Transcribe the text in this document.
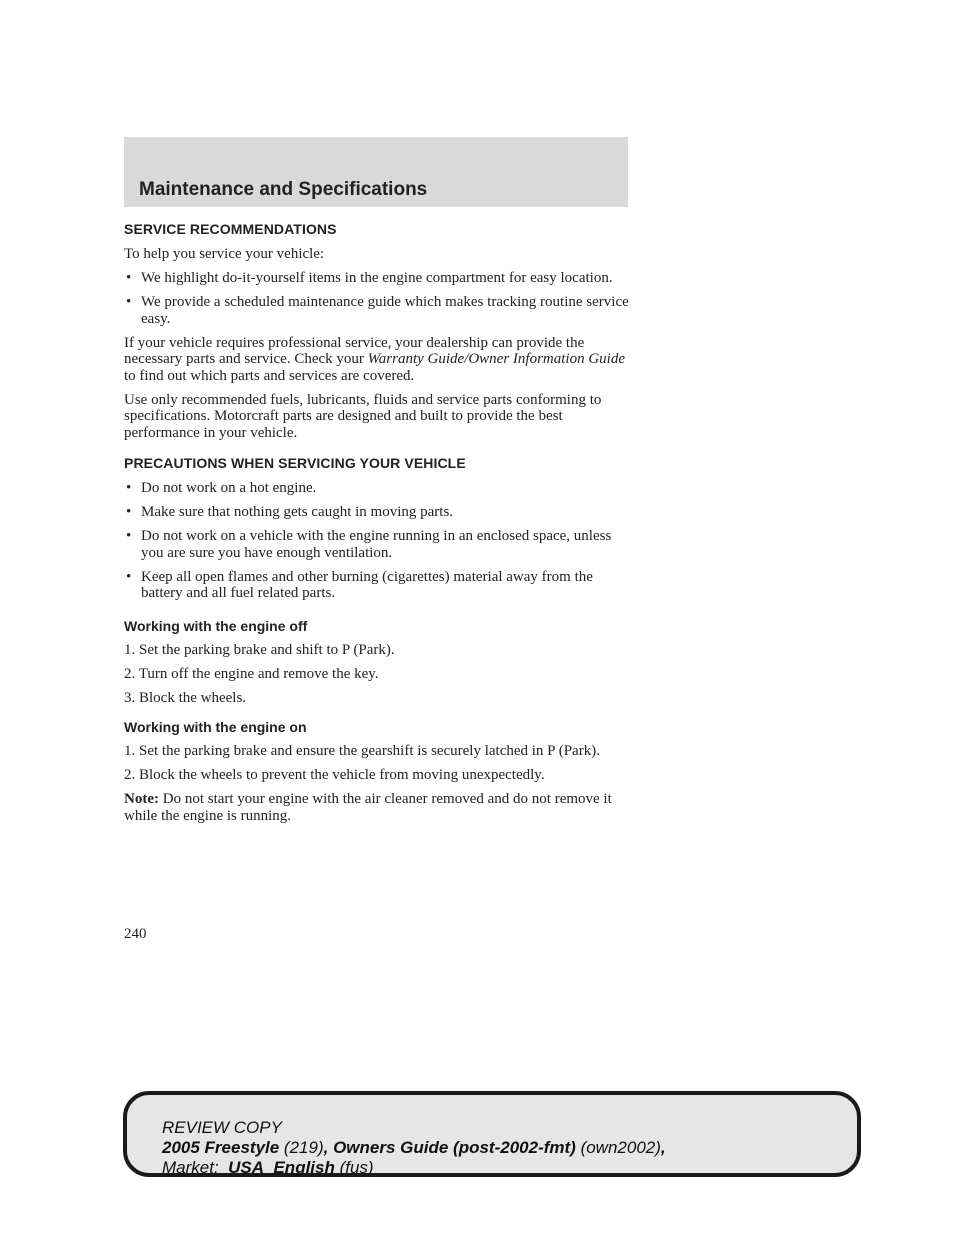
Maintenance and Specifications
SERVICE RECOMMENDATIONS

To help you service your vehicle:

• We highlight do-it-yourself items in the engine compartment for easy location.
• We provide a scheduled maintenance guide which makes tracking routine service easy.

If your vehicle requires professional service, your dealership can provide the necessary parts and service. Check your Warranty Guide/Owner Information Guide to find out which parts and services are covered.

Use only recommended fuels, lubricants, fluids and service parts conforming to specifications. Motorcraft parts are designed and built to provide the best performance in your vehicle.

PRECAUTIONS WHEN SERVICING YOUR VEHICLE
• Do not work on a hot engine.
• Make sure that nothing gets caught in moving parts.
• Do not work on a vehicle with the engine running in an enclosed space, unless you are sure you have enough ventilation.
• Keep all open flames and other burning (cigarettes) material away from the battery and all fuel related parts.
Working with the engine off
1. Set the parking brake and shift to P (Park).
2. Turn off the engine and remove the key.
3. Block the wheels.
Working with the engine on
1. Set the parking brake and ensure the gearshift is securely latched in P (Park).
2. Block the wheels to prevent the vehicle from moving unexpectedly.

Note: Do not start your engine with the air cleaner removed and do not remove it while the engine is running.

240
REVIEW COPY
2005 Freestyle (219), Owners Guide (post-2002-fmt) (own2002),
Market:  USA_English (fus)
